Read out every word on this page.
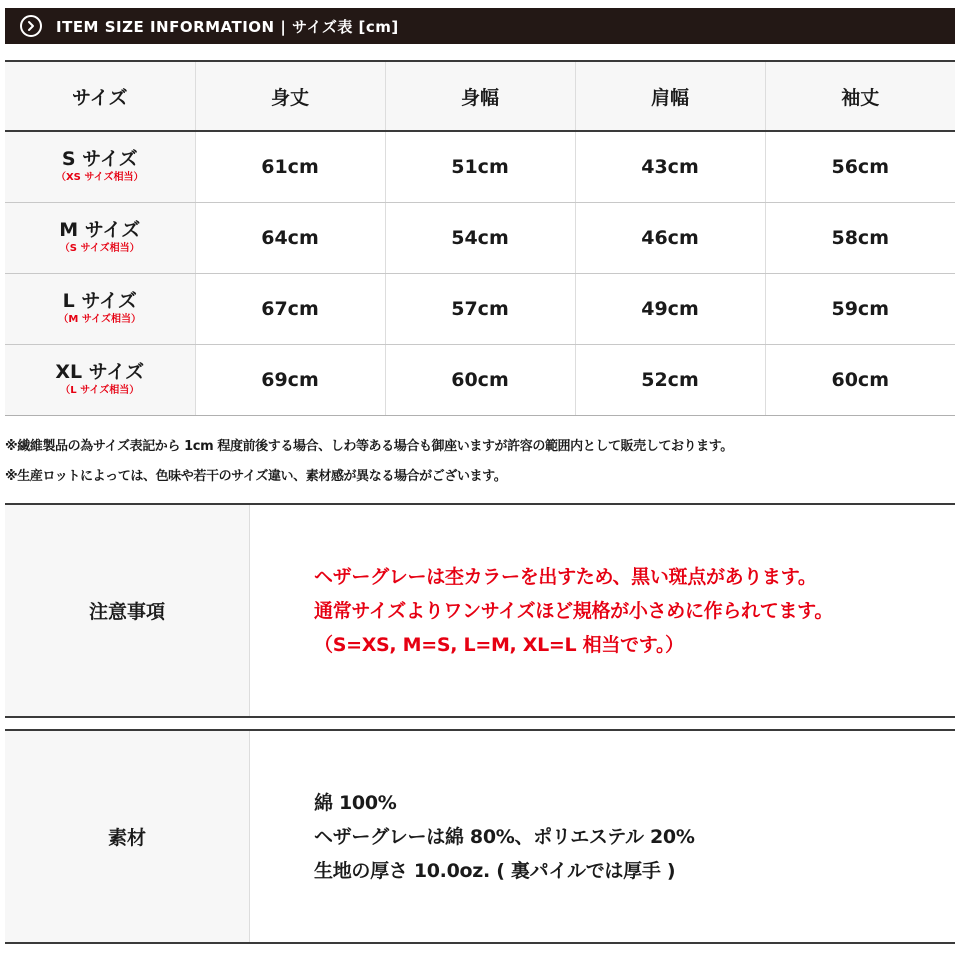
ITEM SIZE INFORMATION | サイズ表 [cm]
サイズ	身丈	身幅	肩幅	袖丈

S サイズ
（XS サイズ相当）	61cm	51cm	43cm	56cm

M サイズ
（S サイズ相当）	64cm	54cm	46cm	58cm

L サイズ
（M サイズ相当）	67cm	57cm	49cm	59cm

XL サイズ
（L サイズ相当）	69cm	60cm	52cm	60cm

※繊維製品の為サイズ表記から 1cm 程度前後する場合、しわ等ある場合も御座いますが許容の範囲内として販売しております。

※生産ロットによっては、色味や若干のサイズ違い、素材感が異なる場合がございます。

注意事項

ヘザーグレーは杢カラーを出すため、黒い斑点があります。

通常サイズよりワンサイズほど規格が小さめに作られてます。

（S=XS, M=S, L=M, XL=L 相当です。）

素材

綿 100%

ヘザーグレーは綿 80%、ポリエステル 20%

生地の厚さ 10.0oz. ( 裏パイルでは厚手 )
